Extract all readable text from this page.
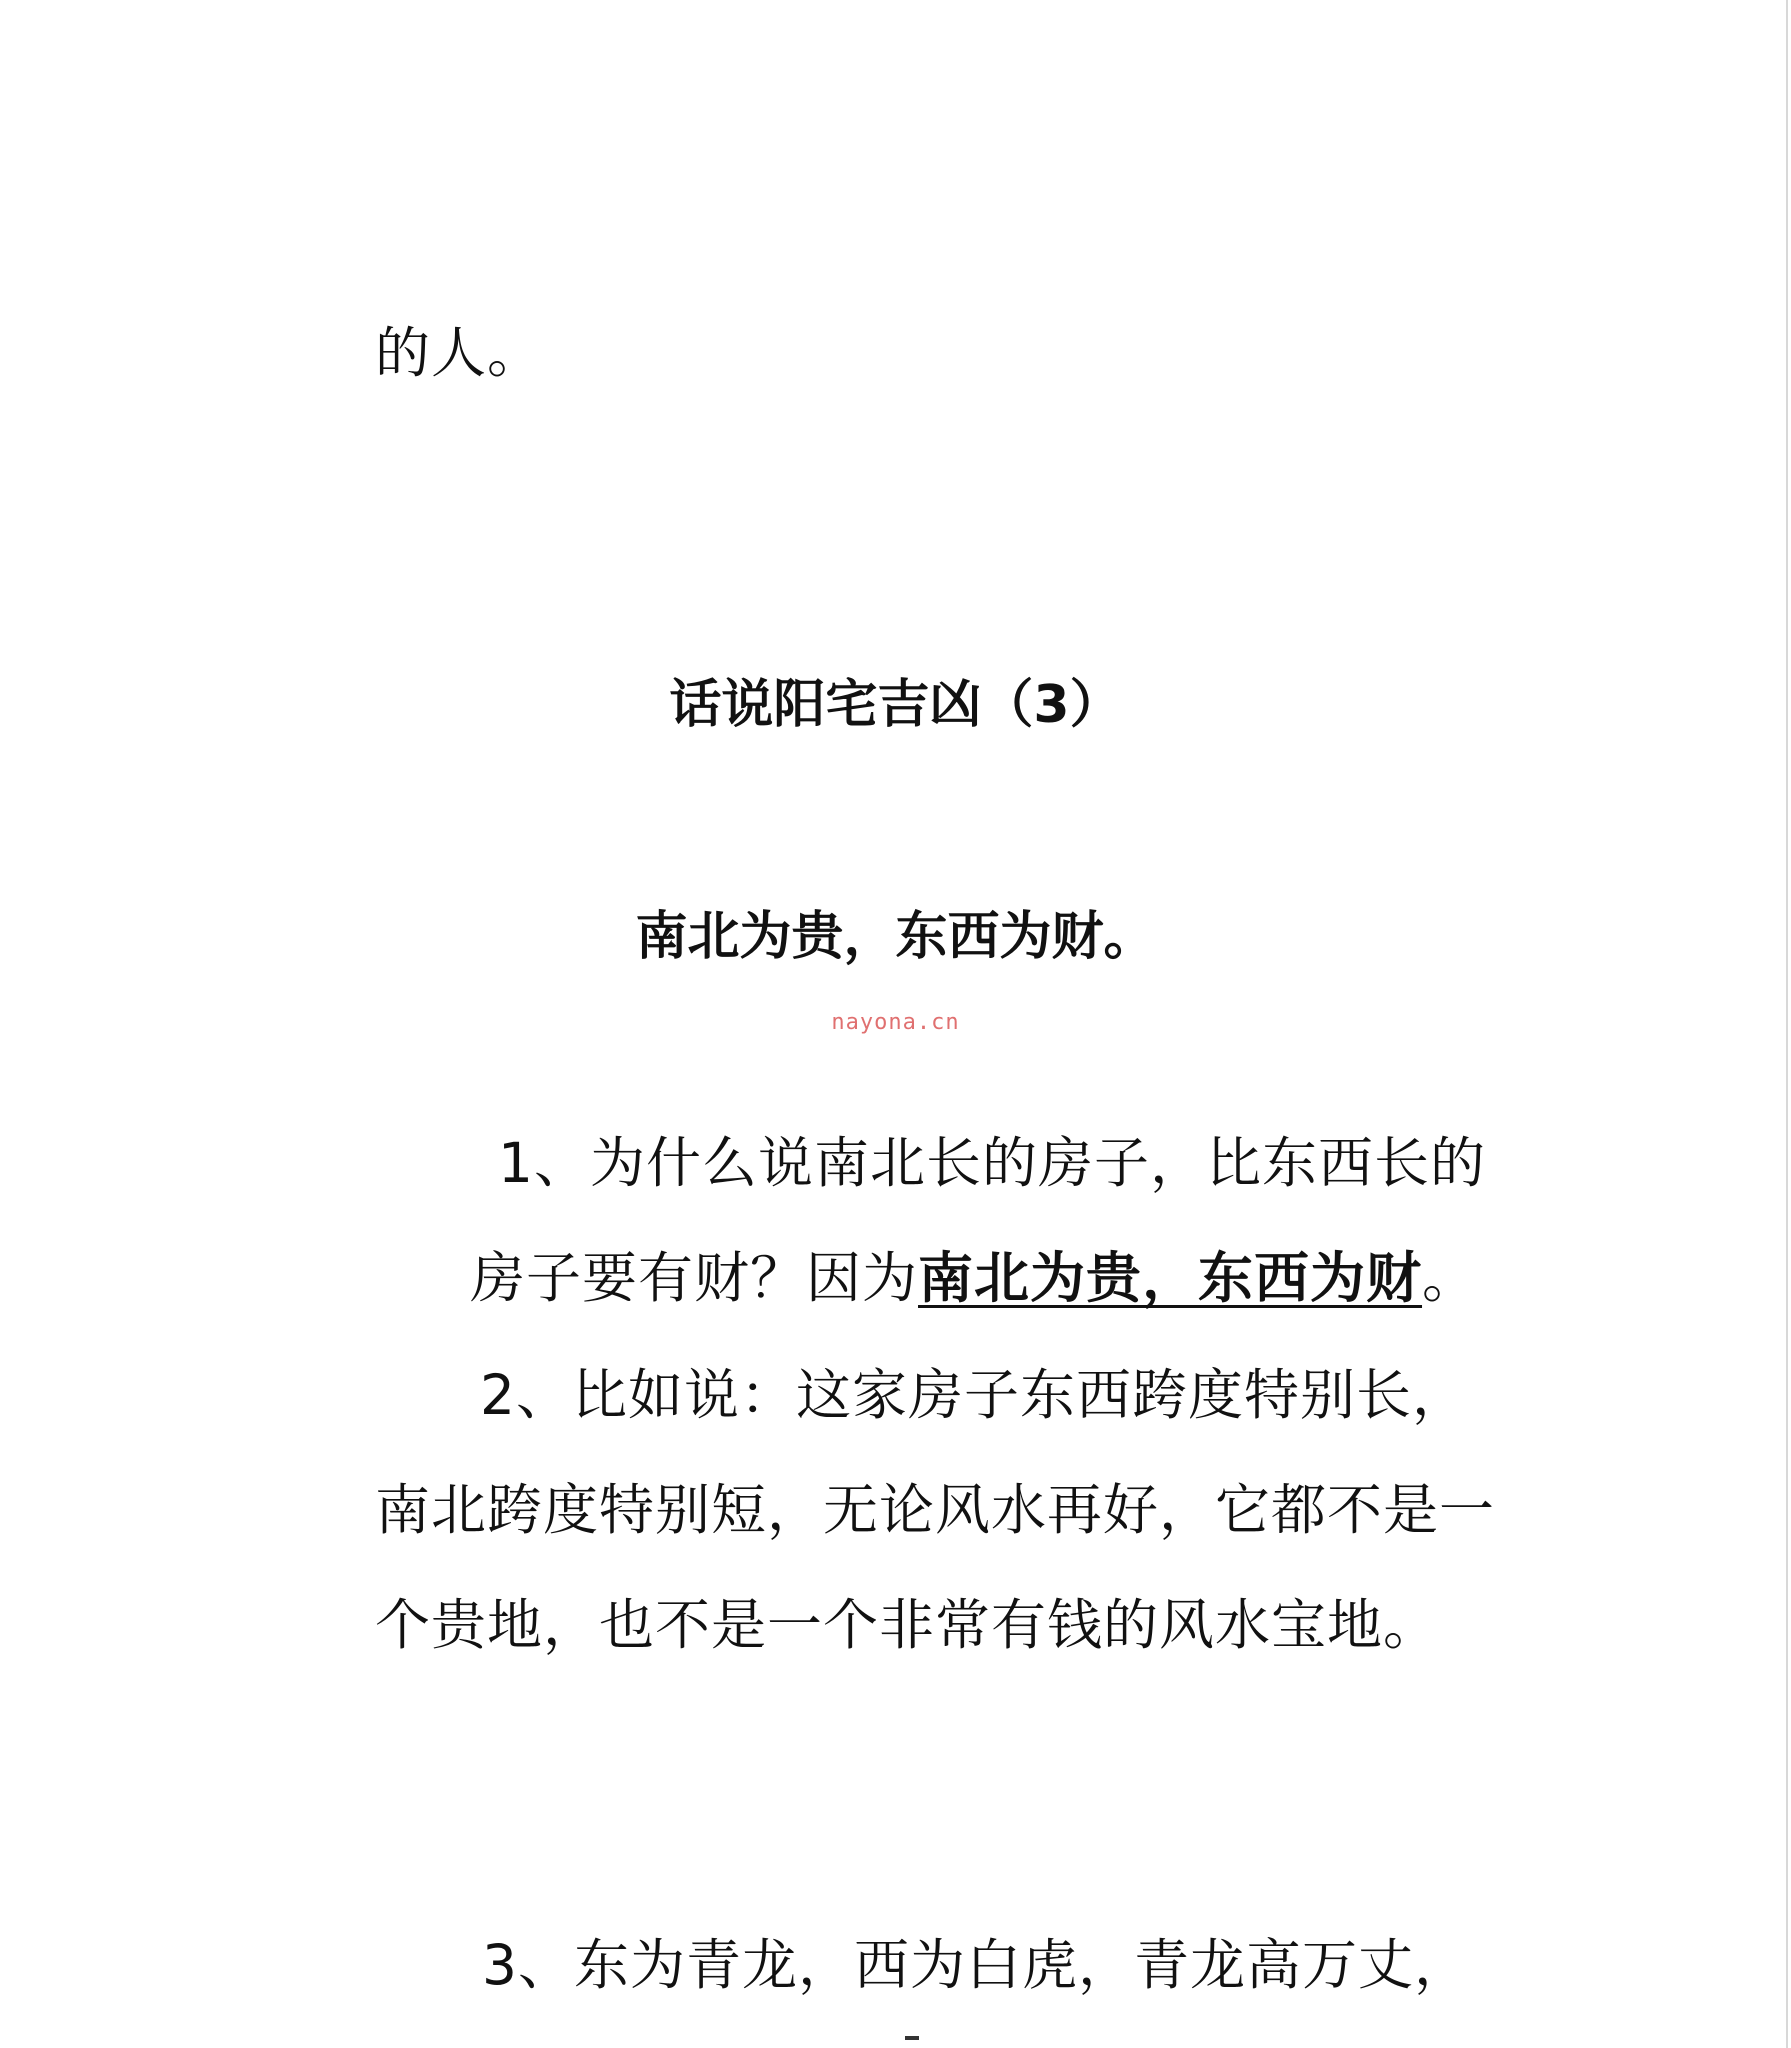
的人。
话说阳宅吉凶（3）
南北为贵，东西为财。
nayona.cn
1、为什么说南北长的房子，比东西长的
房子要有财？因为南北为贵，东西为财。
2、比如说：这家房子东西跨度特别长，
南北跨度特别短，无论风水再好，它都不是一
个贵地，也不是一个非常有钱的风水宝地。
3、东为青龙，西为白虎，青龙高万丈，
